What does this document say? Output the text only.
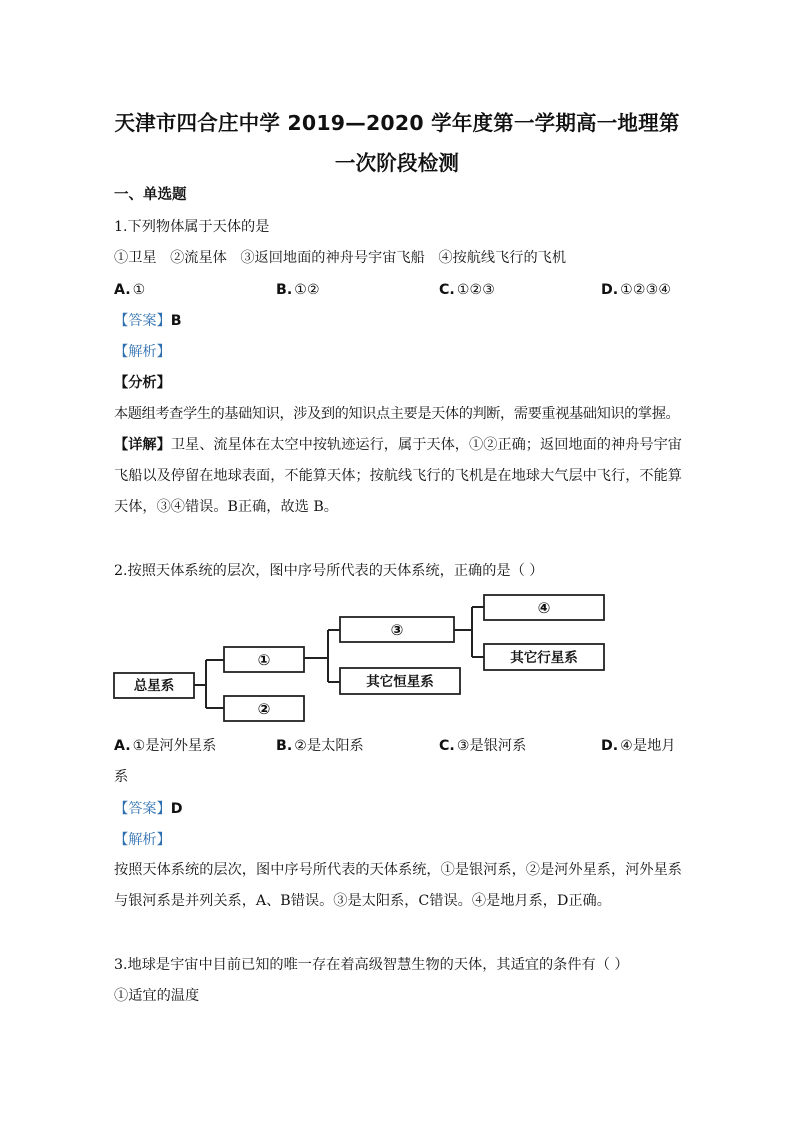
天津市四合庄中学 2019—2020 学年度第一学期高一地理第
一次阶段检测
一、单选题
1.下列物体属于天体的是
①卫星   ②流星体   ③返回地面的神舟号宇宙飞船   ④按航线飞行的飞机
A. ①	B. ①②	C. ①②③	D. ①②③④
【答案】B
【解析】
【分析】
本题组考查学生的基础知识，涉及到的知识点主要是天体的判断，需要重视基础知识的掌握。
【详解】卫星、流星体在太空中按轨迹运行，属于天体，①②正确；返回地面的神舟号宇宙飞船以及停留在地球表面，不能算天体；按航线飞行的飞机是在地球大气层中飞行，不能算天体，③④错误。B正确，故选 B。
2.按照天体系统的层次，图中序号所代表的天体系统，正确的是（ ）
总星系
①
②
③
其它恒星系
④
其它行星系
A. ①是河外星系	B. ②是太阳系	C. ③是银河系	D. ④是地月
系
【答案】D
【解析】
按照天体系统的层次，图中序号所代表的天体系统，①是银河系，②是河外星系，河外星系与银河系是并列关系，A、B错误。③是太阳系，C错误。④是地月系，D正确。
3.地球是宇宙中目前已知的唯一存在着高级智慧生物的天体，其适宜的条件有（ ）
①适宜的温度
